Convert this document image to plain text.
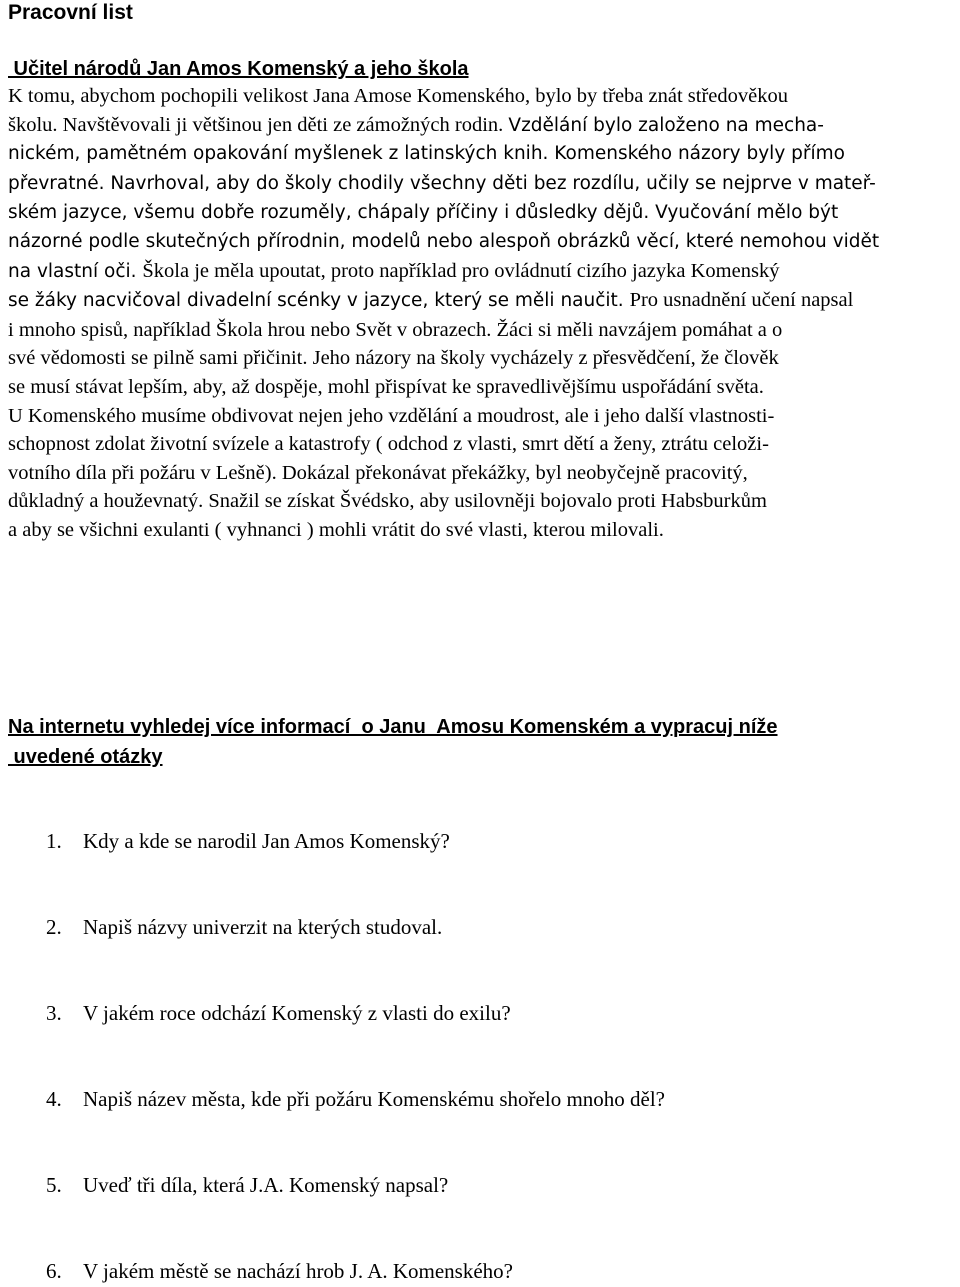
Pracovní list
Učitel národů Jan Amos Komenský a jeho škola
K tomu, abychom pochopili velikost Jana Amose Komenského, bylo by třeba znát středověkou
školu. Navštěvovali ji většinou jen děti ze zámožných rodin. Vzdělání bylo založeno na mecha-
nickém, pamětném opakování myšlenek z latinských knih. Komenského názory byly přímo
převratné. Navrhoval, aby do školy chodily všechny děti bez rozdílu, učily se nejprve v mateř-
ském jazyce, všemu dobře rozuměly, chápaly příčiny i důsledky dějů. Vyučování mělo být
názorné podle skutečných přírodnin, modelů nebo alespoň obrázků věcí, které nemohou vidět
na vlastní oči. Škola je měla upoutat, proto například pro ovládnutí cizího jazyka Komenský
se žáky nacvičoval divadelní scénky v jazyce, který se měli naučit. Pro usnadnění učení napsal
i mnoho spisů, například Škola hrou nebo Svět v obrazech. Žáci si měli navzájem pomáhat a o
své vědomosti se pilně sami přičinit. Jeho názory na školy vycházely z přesvědčení, že člověk
se musí stávat lepším, aby, až dospěje, mohl přispívat ke spravedlivějšímu uspořádání světa.
U Komenského musíme obdivovat nejen jeho vzdělání a moudrost, ale i jeho další vlastnosti-
schopnost zdolat životní svízele a katastrofy ( odchod z vlasti, smrt dětí a ženy, ztrátu celoži-
votního díla při požáru v Lešně). Dokázal překonávat překážky, byl neobyčejně pracovitý,
důkladný a houževnatý. Snažil se získat Švédsko, aby usilovněji bojovalo proti Habsburkům
a aby se všichni exulanti ( vyhnanci ) mohli vrátit do své vlasti, kterou milovali.
Na internetu vyhledej více informací  o Janu  Amosu Komenském a vypracuj níže
uvedené otázky
1. Kdy a kde se narodil Jan Amos Komenský?
2. Napiš názvy univerzit na kterých studoval.
3. V jakém roce odchází Komenský z vlasti do exilu?
4. Napiš název města, kde při požáru Komenskému shořelo mnoho děl?
5. Uveď tři díla, která J.A. Komenský napsal?
6. V jakém městě se nachází hrob J. A. Komenského?
